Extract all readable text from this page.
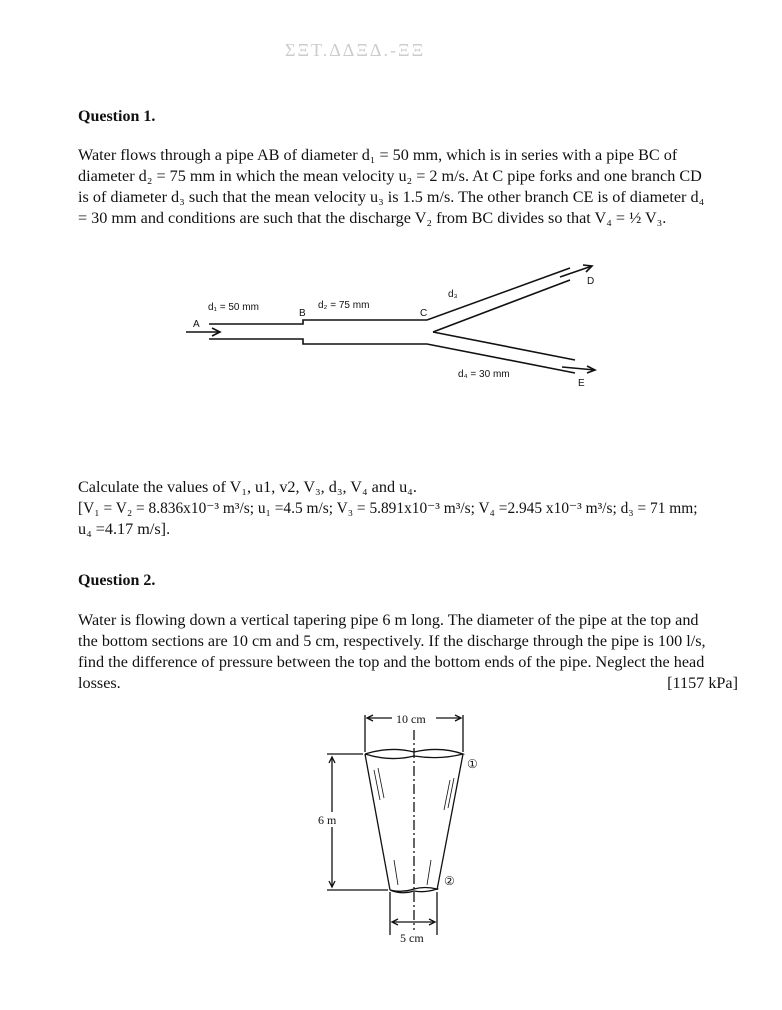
ΣΞΤ.ΔΔΞΔ.-ΞΞ
Question 1.
Water flows through a pipe AB of diameter d₁ = 50 mm, which is in series with a pipe BC of
diameter d₂ = 75 mm in which the mean velocity u₂ = 2 m/s. At C pipe forks and one branch CD
is of diameter d₃ such that the mean velocity u₃ is 1.5 m/s. The other branch CE is of diameter d₄
= 30 mm and conditions are such that the discharge V₂ from BC divides so that V₄ = ½ V₃.
Calculate the values of V₁, u1, v2, V₃, d₃, V₄ and u₄.
[V₁ = V₂ = 8.836x10⁻³ m³/s; u₁ =4.5 m/s; V₃ = 5.891x10⁻³ m³/s; V₄ =2.945 x10⁻³ m³/s; d₃ = 71 mm;
u₄ =4.17 m/s].
Question 2.
Water is flowing down a vertical tapering pipe 6 m long. The diameter of the pipe at the top and
the bottom sections are 10 cm and 5 cm, respectively. If the discharge through the pipe is 100 l/s,
find the difference of pressure between the top and the bottom ends of the pipe. Neglect the head
losses.	[1157 kPa]
d₁ = 50 mm	d₂ = 75 mm
d₃
d₄ = 30 mm
A
B	C
D
E
10 cm
5 cm
6 m
①
②
